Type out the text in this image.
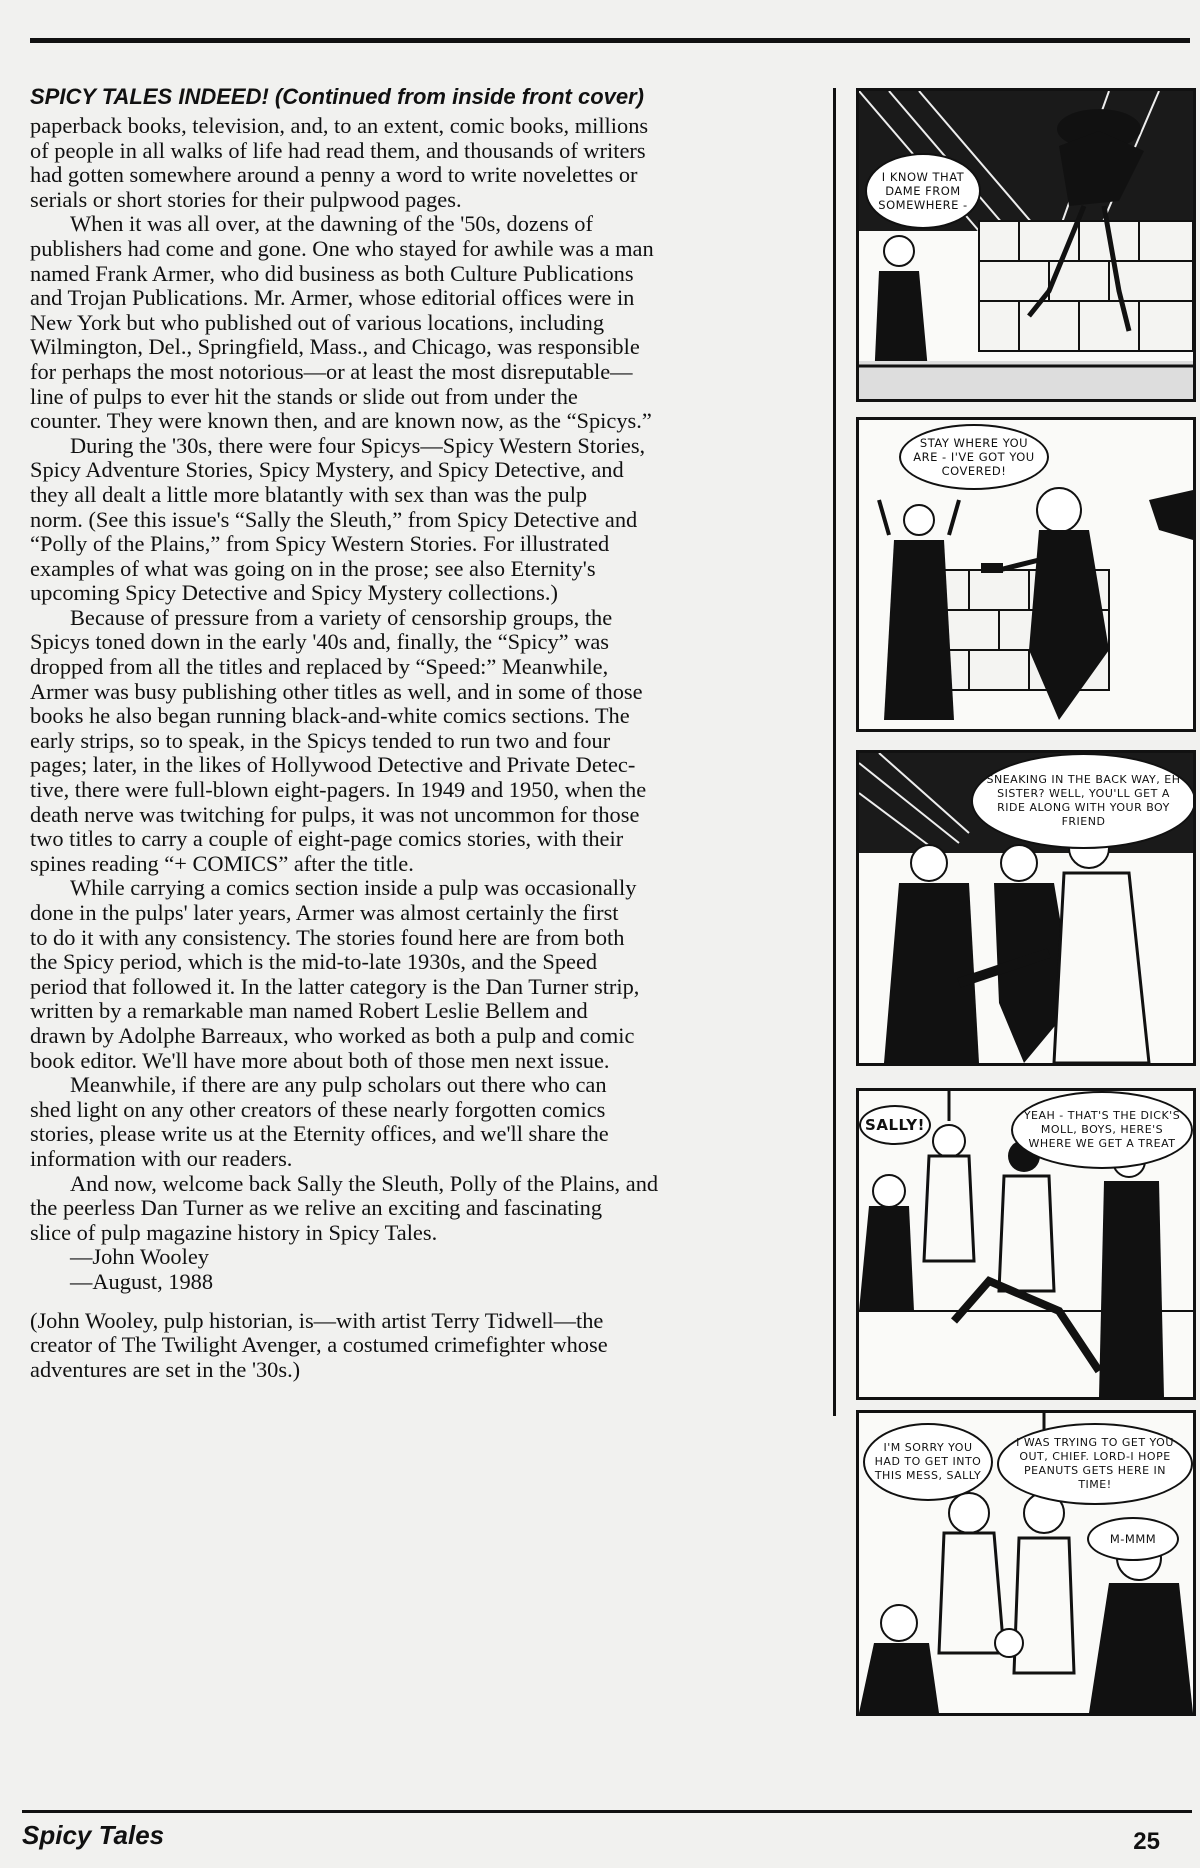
SPICY TALES INDEED! (Continued from inside front cover)
paperback books, television, and, to an extent, comic books, millions
of people in all walks of life had read them, and thousands of writers
had gotten somewhere around a penny a word to write novelettes or
serials or short stories for their pulpwood pages.
When it was all over, at the dawning of the '50s, dozens of
publishers had come and gone. One who stayed for awhile was a man
named Frank Armer, who did business as both Culture Publications
and Trojan Publications. Mr. Armer, whose editorial offices were in
New York but who published out of various locations, including
Wilmington, Del., Springfield, Mass., and Chicago, was responsible
for perhaps the most notorious—or at least the most disreputable—
line of pulps to ever hit the stands or slide out from under the
counter. They were known then, and are known now, as the “Spicys.”
During the '30s, there were four Spicys—Spicy Western Stories,
Spicy Adventure Stories, Spicy Mystery, and Spicy Detective, and
they all dealt a little more blatantly with sex than was the pulp
norm. (See this issue's “Sally the Sleuth,” from Spicy Detective and
“Polly of the Plains,” from Spicy Western Stories. For illustrated
examples of what was going on in the prose; see also Eternity's
upcoming Spicy Detective and Spicy Mystery collections.)
Because of pressure from a variety of censorship groups, the
Spicys toned down in the early '40s and, finally, the “Spicy” was
dropped from all the titles and replaced by “Speed:” Meanwhile,
Armer was busy publishing other titles as well, and in some of those
books he also began running black-and-white comics sections. The
early strips, so to speak, in the Spicys tended to run two and four
pages; later, in the likes of Hollywood Detective and Private Detec-
tive, there were full-blown eight-pagers. In 1949 and 1950, when the
death nerve was twitching for pulps, it was not uncommon for those
two titles to carry a couple of eight-page comics stories, with their
spines reading “+ COMICS” after the title.
While carrying a comics section inside a pulp was occasionally
done in the pulps' later years, Armer was almost certainly the first
to do it with any consistency. The stories found here are from both
the Spicy period, which is the mid-to-late 1930s, and the Speed
period that followed it. In the latter category is the Dan Turner strip,
written by a remarkable man named Robert Leslie Bellem and
drawn by Adolphe Barreaux, who worked as both a pulp and comic
book editor. We'll have more about both of those men next issue.
Meanwhile, if there are any pulp scholars out there who can
shed light on any other creators of these nearly forgotten comics
stories, please write us at the Eternity offices, and we'll share the
information with our readers.
And now, welcome back Sally the Sleuth, Polly of the Plains, and
the peerless Dan Turner as we relive an exciting and fascinating
slice of pulp magazine history in Spicy Tales.
—John Wooley
—August, 1988
(John Wooley, pulp historian, is—with artist Terry Tidwell—the
creator of The Twilight Avenger, a costumed crimefighter whose
adventures are set in the '30s.)
I KNOW THAT DAME FROM SOMEWHERE -
STAY WHERE YOU ARE - I'VE GOT YOU COVERED!
SNEAKING IN THE BACK WAY, EH SISTER? WELL, YOU'LL GET A RIDE ALONG WITH YOUR BOY FRIEND
SALLY!
YEAH - THAT'S THE DICK'S MOLL, BOYS, HERE'S WHERE WE GET A TREAT
I'M SORRY YOU HAD TO GET INTO THIS MESS, SALLY
I WAS TRYING TO GET YOU OUT, CHIEF. LORD-I HOPE PEANUTS GETS HERE IN TIME!
M-MMM
Spicy Tales	25
